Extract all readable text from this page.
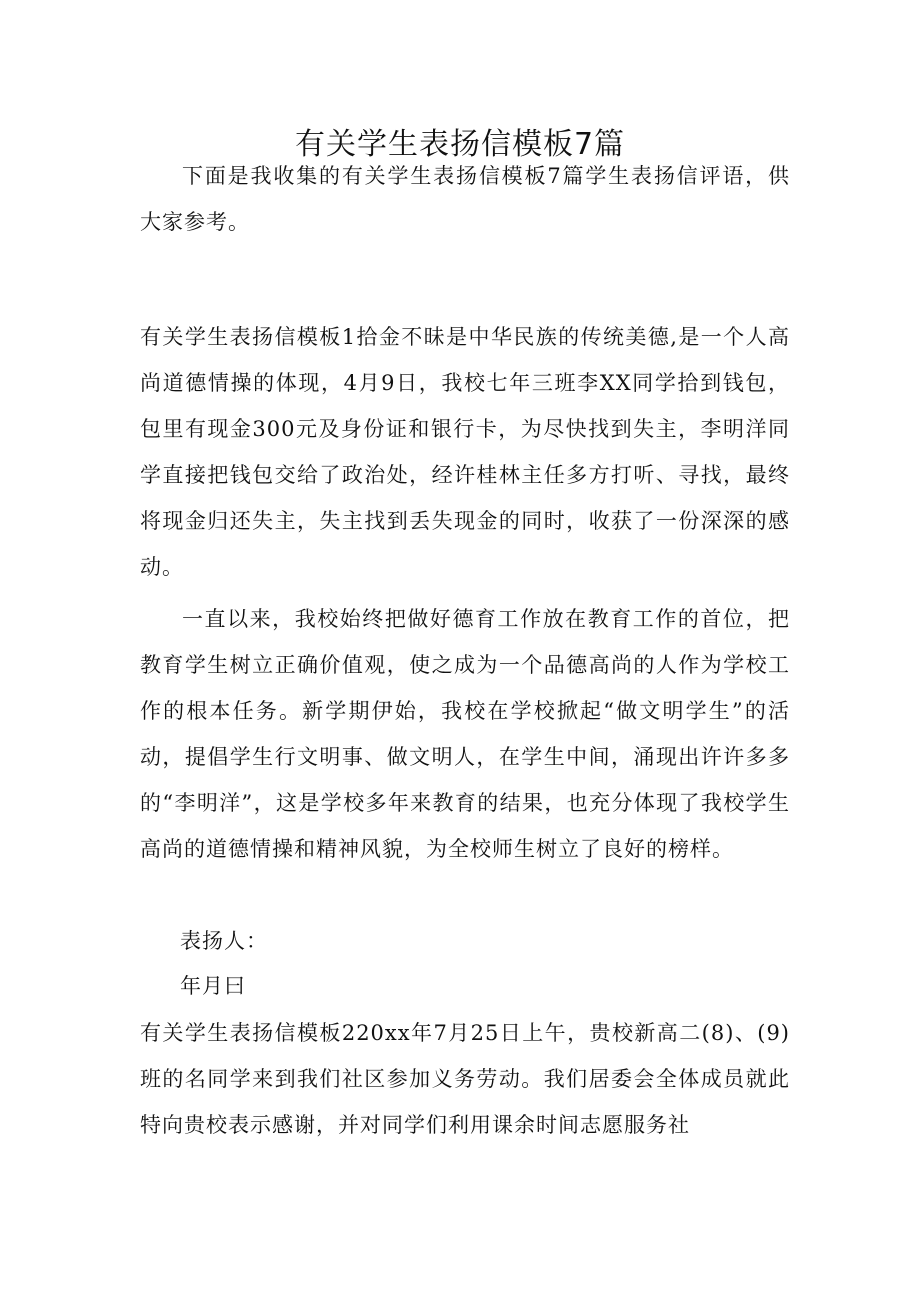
有关学生表扬信模板7篇

下面是我收集的有关学生表扬信模板7篇学生表扬信评语，供大家参考。

有关学生表扬信模板1拾金不昧是中华民族的传统美德,是一个人高尚道德情操的体现，4月9日，我校七年三班李XX同学拾到钱包，包里有现金300元及身份证和银行卡，为尽快找到失主，李明洋同学直接把钱包交给了政治处，经许桂林主任多方打听、寻找，最终将现金归还失主，失主找到丢失现金的同时，收获了一份深深的感动。

一直以来，我校始终把做好德育工作放在教育工作的首位，把教育学生树立正确价值观，使之成为一个品德高尚的人作为学校工作的根本任务。新学期伊始，我校在学校掀起“做文明学生”的活动，提倡学生行文明事、做文明人，在学生中间，涌现出许许多多的“李明洋”，这是学校多年来教育的结果，也充分体现了我校学生高尚的道德情操和精神风貌，为全校师生树立了良好的榜样。

表扬人：

年月曰

有关学生表扬信模板220xx年7月25日上午，贵校新高二(8)、(9)班的名同学来到我们社区参加义务劳动。我们居委会全体成员就此特向贵校表示感谢，并对同学们利用课余时间志愿服务社
